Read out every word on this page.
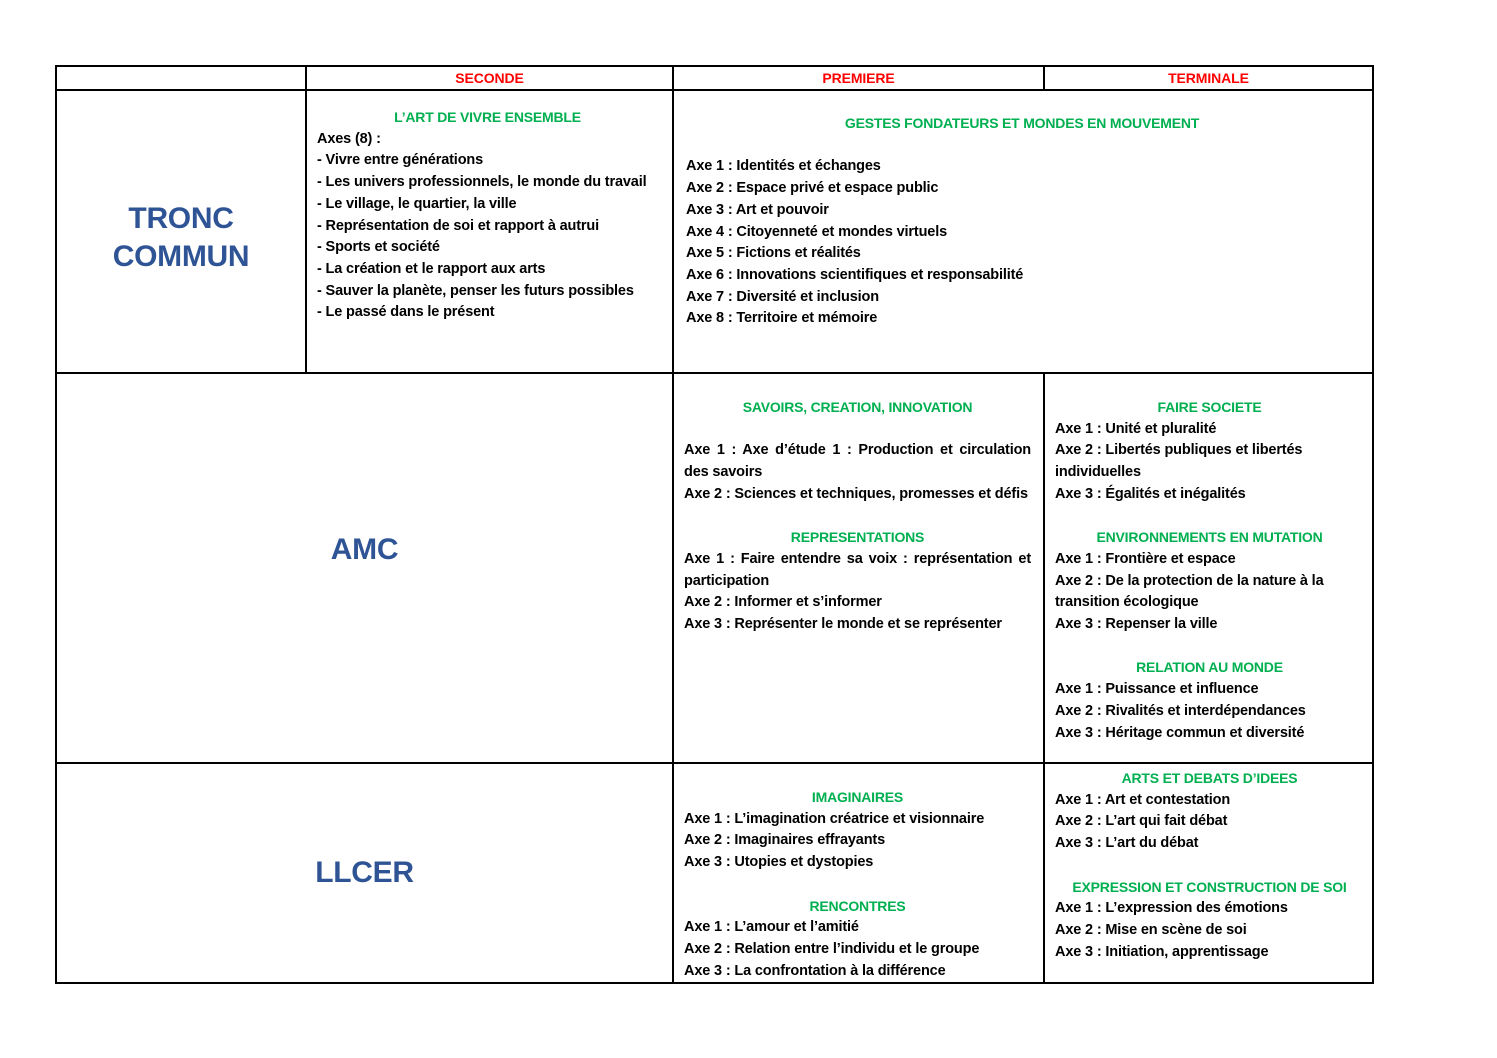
SECONDE	PREMIERE	TERMINALE
TRONC COMMUN
L’ART DE VIVRE ENSEMBLE
Axes (8) :
- Vivre entre générations
- Les univers professionnels, le monde du travail
- Le village, le quartier, la ville
- Représentation de soi et rapport à autrui
- Sports et société
- La création et le rapport aux arts
- Sauver la planète, penser les futurs possibles
- Le passé dans le présent
GESTES FONDATEURS ET MONDES EN MOUVEMENT
Axe 1 : Identités et échanges
Axe 2 : Espace privé et espace public
Axe 3 : Art et pouvoir
Axe 4 : Citoyenneté et mondes virtuels
Axe 5 : Fictions et réalités
Axe 6 : Innovations scientifiques et responsabilité
Axe 7 : Diversité et inclusion
Axe 8 : Territoire et mémoire
AMC
SAVOIRS, CREATION, INNOVATION
Axe 1 : Axe d’étude 1 : Production et circulation des savoirs
Axe 2 : Sciences et techniques, promesses et défis
REPRESENTATIONS
Axe 1 : Faire entendre sa voix : représentation et participation
Axe 2 : Informer et s’informer
Axe 3 : Représenter le monde et se représenter
FAIRE SOCIETE
Axe 1 : Unité et pluralité
Axe 2 : Libertés publiques et libertés individuelles
Axe 3 : Égalités et inégalités
ENVIRONNEMENTS EN MUTATION
Axe 1 : Frontière et espace
Axe 2 : De la protection de la nature à la transition écologique
Axe 3 : Repenser la ville
RELATION AU MONDE
Axe 1 : Puissance et influence
Axe 2 : Rivalités et interdépendances
Axe 3 : Héritage commun et diversité
LLCER
IMAGINAIRES
Axe 1 : L’imagination créatrice et visionnaire
Axe 2 : Imaginaires effrayants
Axe 3 : Utopies et dystopies
RENCONTRES
Axe 1 : L’amour et l’amitié
Axe 2 : Relation entre l’individu et le groupe
Axe 3 : La confrontation à la différence
ARTS ET DEBATS D’IDEES
Axe 1 : Art et contestation
Axe 2 : L’art qui fait débat
Axe 3 : L’art du débat
EXPRESSION ET CONSTRUCTION DE SOI
Axe 1 : L’expression des émotions
Axe 2 : Mise en scène de soi
Axe 3 : Initiation, apprentissage
